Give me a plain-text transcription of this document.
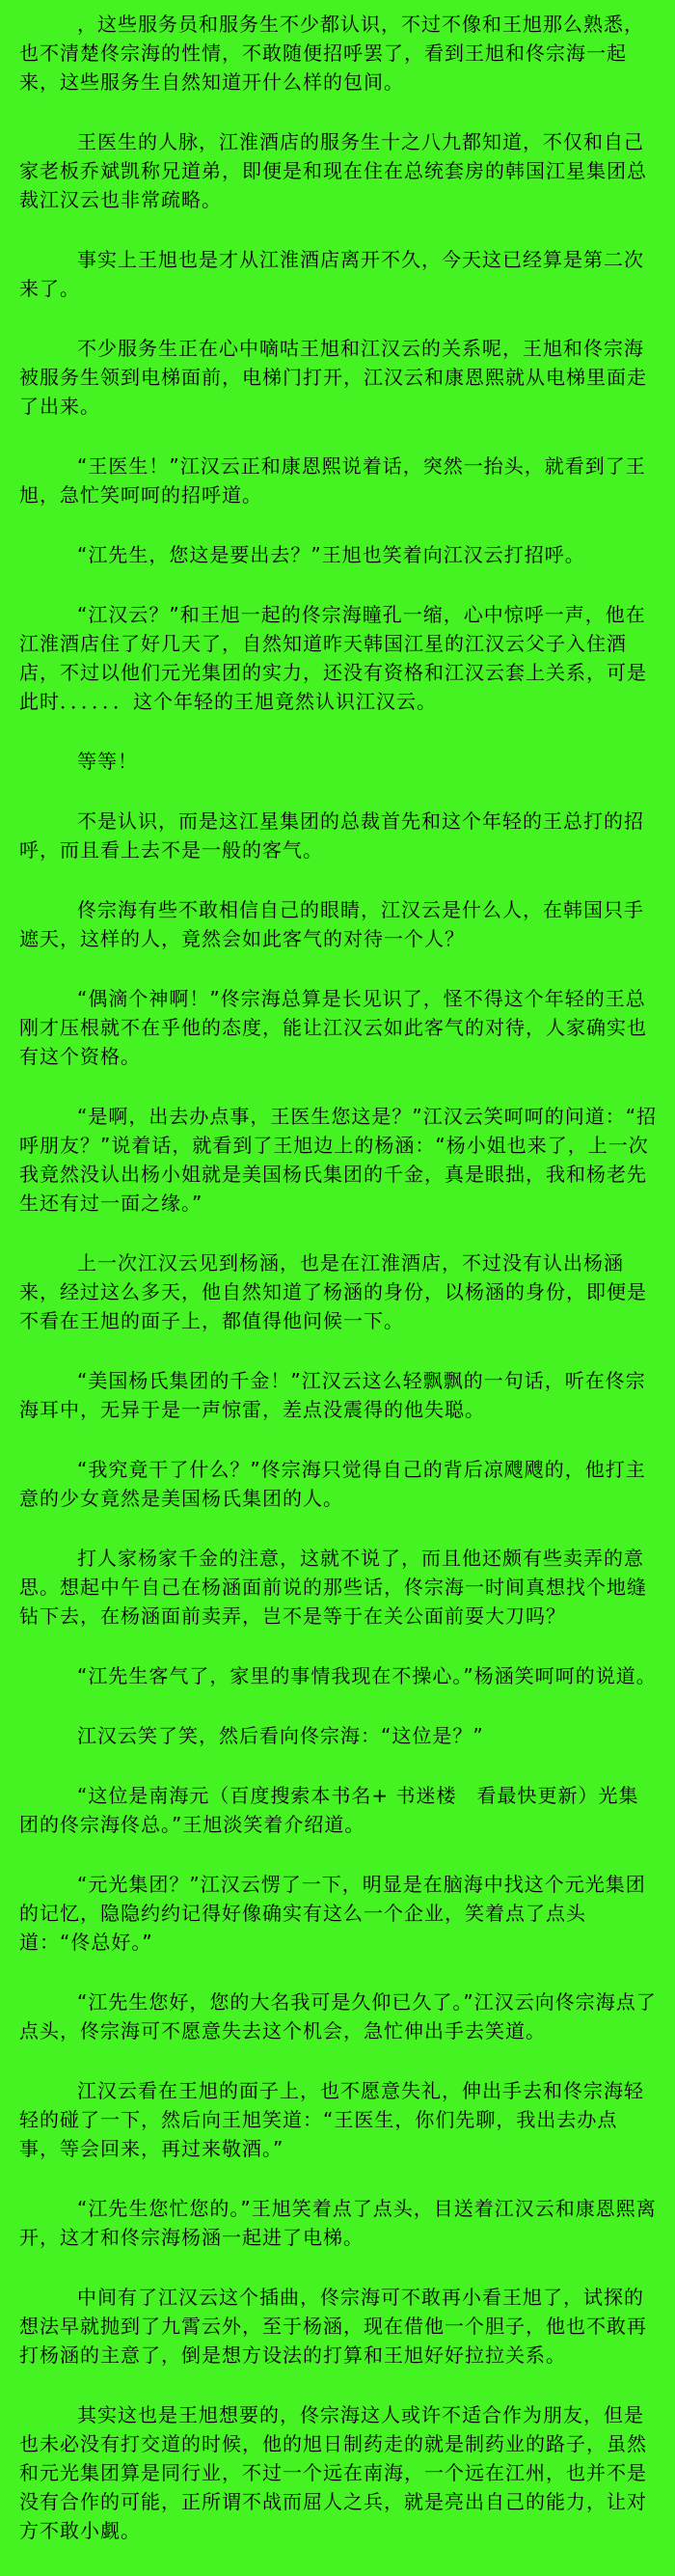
，这些服务员和服务生不少都认识，不过不像和王旭那么熟悉，也不清楚佟宗海的性情，不敢随便招呼罢了，看到王旭和佟宗海一起来，这些服务生自然知道开什么样的包间。

王医生的人脉，江淮酒店的服务生十之八九都知道，不仅和自己家老板乔斌凯称兄道弟，即便是和现在住在总统套房的韩国江星集团总裁江汉云也非常疏略。

事实上王旭也是才从江淮酒店离开不久，今天这已经算是第二次来了。

不少服务生正在心中嘀咕王旭和江汉云的关系呢，王旭和佟宗海被服务生领到电梯面前，电梯门打开，江汉云和康恩熙就从电梯里面走了出来。

“王医生！”江汉云正和康恩熙说着话，突然一抬头，就看到了王旭，急忙笑呵呵的招呼道。

“江先生，您这是要出去？”王旭也笑着向江汉云打招呼。

“江汉云？”和王旭一起的佟宗海瞳孔一缩，心中惊呼一声，他在江淮酒店住了好几天了，自然知道昨天韩国江星的江汉云父子入住酒店，不过以他们元光集团的实力，还没有资格和江汉云套上关系，可是此时．．．．．．这个年轻的王旭竟然认识江汉云。

等等！

不是认识，而是这江星集团的总裁首先和这个年轻的王总打的招呼，而且看上去不是一般的客气。

佟宗海有些不敢相信自己的眼睛，江汉云是什么人，在韩国只手遮天，这样的人，竟然会如此客气的对待一个人？

“偶滴个神啊！”佟宗海总算是长见识了，怪不得这个年轻的王总刚才压根就不在乎他的态度，能让江汉云如此客气的对待，人家确实也有这个资格。

“是啊，出去办点事，王医生您这是？”江汉云笑呵呵的问道：“招呼朋友？”说着话，就看到了王旭边上的杨涵：“杨小姐也来了，上一次我竟然没认出杨小姐就是美国杨氏集团的千金，真是眼拙，我和杨老先生还有过一面之缘。”

上一次江汉云见到杨涵，也是在江淮酒店，不过没有认出杨涵来，经过这么多天，他自然知道了杨涵的身份，以杨涵的身份，即便是不看在王旭的面子上，都值得他问候一下。

“美国杨氏集团的千金！”江汉云这么轻飘飘的一句话，听在佟宗海耳中，无异于是一声惊雷，差点没震得的他失聪。

“我究竟干了什么？”佟宗海只觉得自己的背后凉飕飕的，他打主意的少女竟然是美国杨氏集团的人。

打人家杨家千金的注意，这就不说了，而且他还颇有些卖弄的意思。想起中午自己在杨涵面前说的那些话，佟宗海一时间真想找个地缝钻下去，在杨涵面前卖弄，岂不是等于在关公面前耍大刀吗？

“江先生客气了，家里的事情我现在不操心。”杨涵笑呵呵的说道。

江汉云笑了笑，然后看向佟宗海：“这位是？”

“这位是南海元（百度搜索本书名+ 书迷楼　看最快更新）光集团的佟宗海佟总。”王旭淡笑着介绍道。

“元光集团？”江汉云愣了一下，明显是在脑海中找这个元光集团的记忆，隐隐约约记得好像确实有这么一个企业，笑着点了点头道：“佟总好。”

“江先生您好，您的大名我可是久仰已久了。”江汉云向佟宗海点了点头，佟宗海可不愿意失去这个机会，急忙伸出手去笑道。

江汉云看在王旭的面子上，也不愿意失礼，伸出手去和佟宗海轻轻的碰了一下，然后向王旭笑道：“王医生，你们先聊，我出去办点事，等会回来，再过来敬酒。”

“江先生您忙您的。”王旭笑着点了点头，目送着江汉云和康恩熙离开，这才和佟宗海杨涵一起进了电梯。

中间有了江汉云这个插曲，佟宗海可不敢再小看王旭了，试探的想法早就抛到了九霄云外，至于杨涵，现在借他一个胆子，他也不敢再打杨涵的主意了，倒是想方设法的打算和王旭好好拉拉关系。

其实这也是王旭想要的，佟宗海这人或许不适合作为朋友，但是也未必没有打交道的时候，他的旭日制药走的就是制药业的路子，虽然和元光集团算是同行业，不过一个远在南海，一个远在江州，也并不是没有合作的可能，正所谓不战而屈人之兵，就是亮出自己的能力，让对方不敢小觑。
